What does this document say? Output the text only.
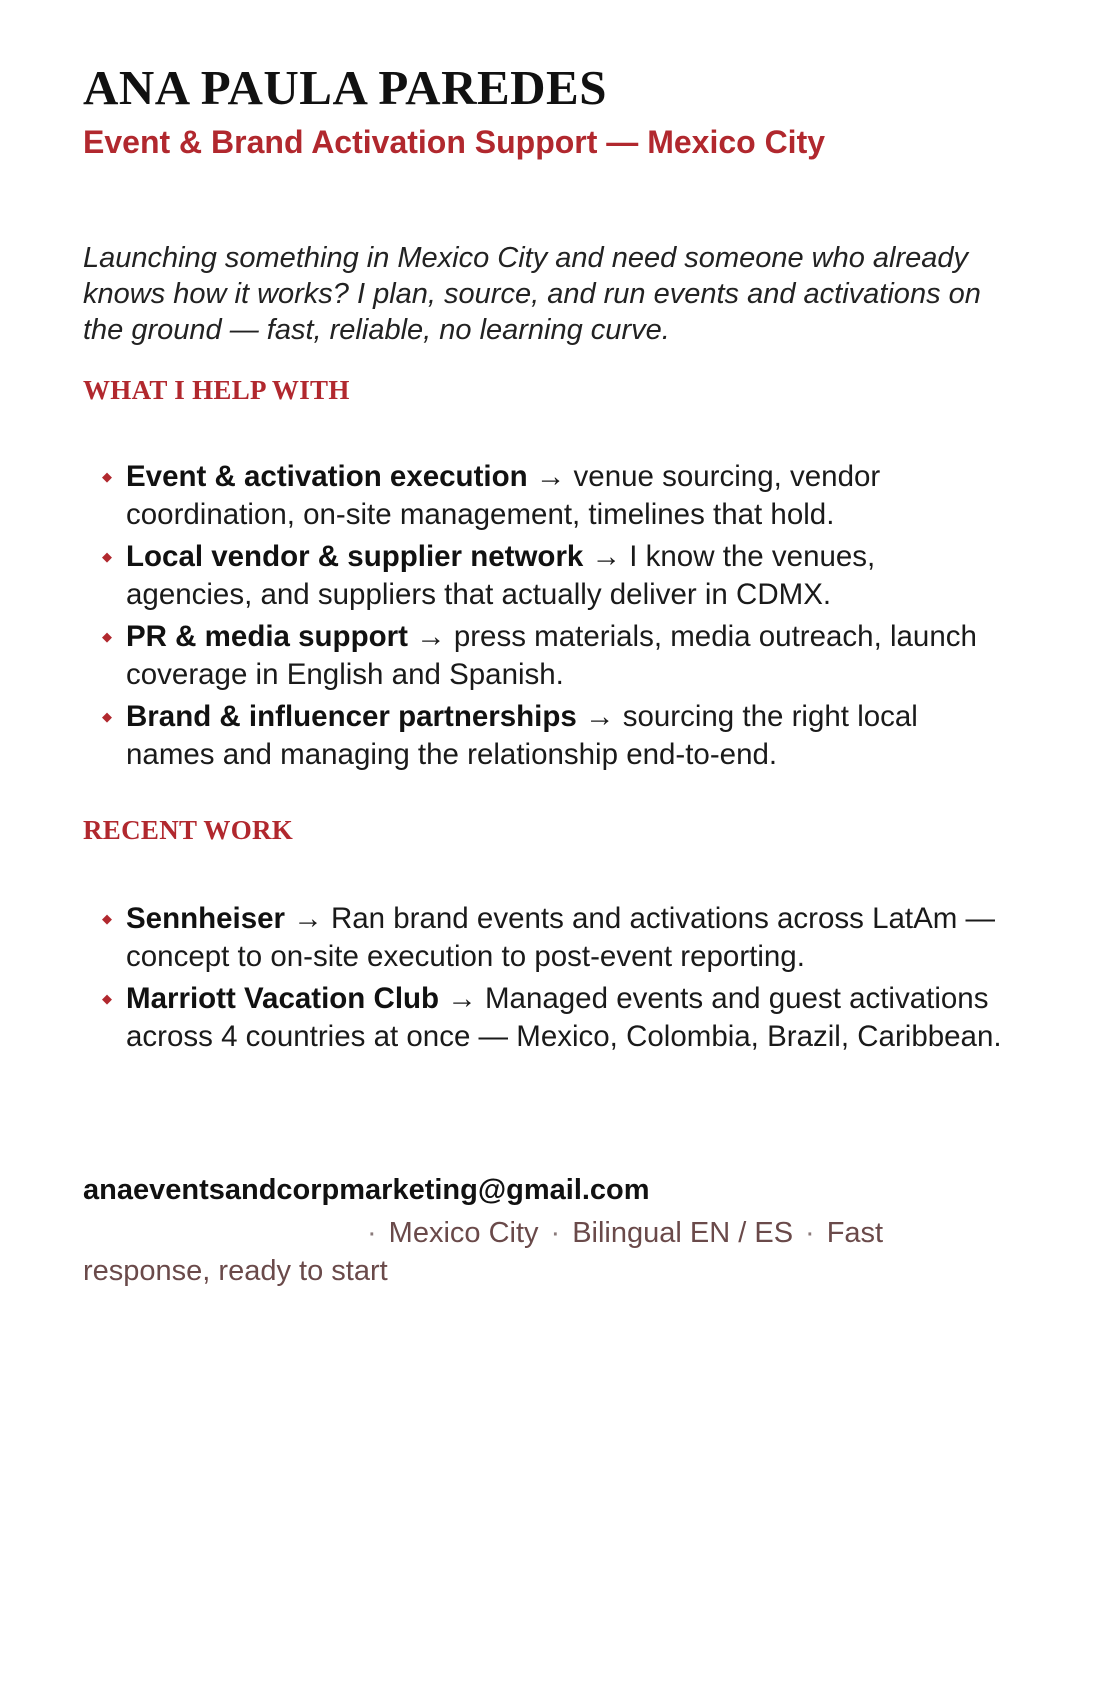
ANA PAULA PAREDES
Event & Brand Activation Support — Mexico City

Launching something in Mexico City and need someone who already knows how it works? I plan, source, and run events and activations on the ground — fast, reliable, no learning curve.

WHAT I HELP WITH
◆ Event & activation execution → venue sourcing, vendor coordination, on-site management, timelines that hold.
◆ Local vendor & supplier network → I know the venues, agencies, and suppliers that actually deliver in CDMX.
◆ PR & media support → press materials, media outreach, launch coverage in English and Spanish.
◆ Brand & influencer partnerships → sourcing the right local names and managing the relationship end-to-end.
RECENT WORK
◆ Sennheiser → Ran brand events and activations across LatAm — concept to on-site execution to post-event reporting.
◆ Marriott Vacation Club → Managed events and guest activations across 4 countries at once — Mexico, Colombia, Brazil, Caribbean.
anaeventsandcorpmarketing@gmail.com
· Mexico City · Bilingual EN / ES · Fast response, ready to start
